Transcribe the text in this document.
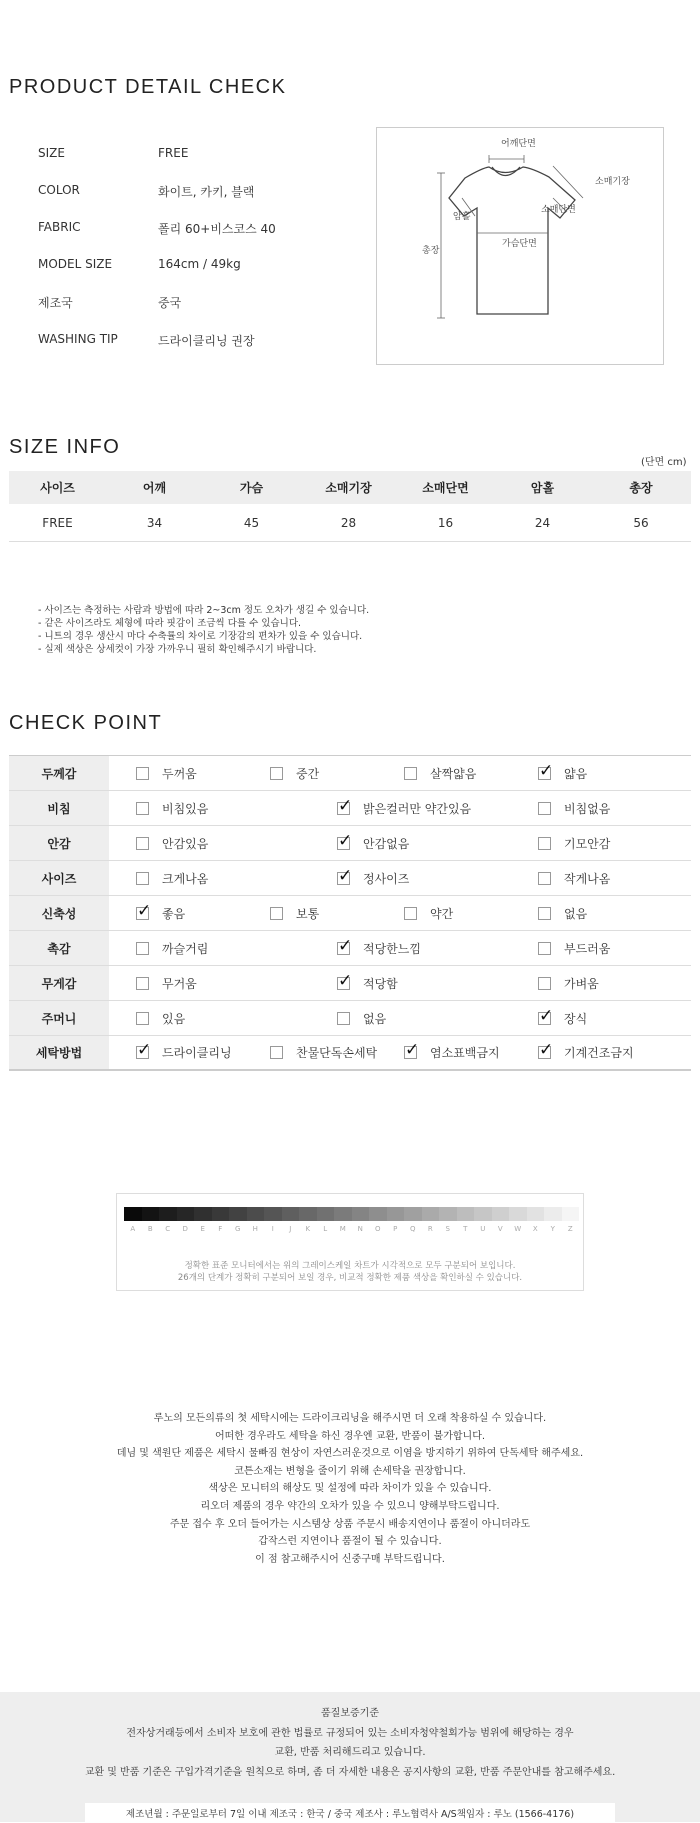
PRODUCT DETAIL CHECK
SIZE	FREE
COLOR	화이트, 카키, 블랙
FABRIC	폴리 60+비스코스 40
MODEL SIZE	164cm / 49kg
제조국	중국
WASHING TIP	드라이클리닝 권장
어깨단면
소매기장
암홀
소매단면
가슴단면
총장
SIZE INFO
(단면 cm)
사이즈	어깨	가슴	소매기장	소매단면	암홀	총장
FREE	34	45	28	16	24	56
- 사이즈는 측정하는 사람과 방법에 따라 2~3cm 정도 오차가 생길 수 있습니다.
- 같은 사이즈라도 체형에 따라 핏감이 조금씩 다를 수 있습니다.
- 니트의 경우 생산시 마다 수축률의 차이로 기장감의 편차가 있을 수 있습니다.
- 실제 색상은 상세컷이 가장 가까우니 필히 확인해주시기 바랍니다.
CHECK POINT
두께감	두꺼움	중간	살짝얇음 ✓	얇음
비침	비침있음 ✓	밝은컬러만 약간있음	비침없음
안감	안감있음 ✓	안감없음	기모안감
사이즈	크게나옴 ✓	정사이즈	작게나옴
신축성 ✓	좋음	보통	약간	없음
촉감	까슬거림 ✓	적당한느낌	부드러움
무게감	무거움 ✓	적당함	가벼움
주머니	있음	없음 ✓	장식
세탁방법 ✓	드라이클리닝	찬물단독손세탁 ✓	염소표백금지 ✓	기계건조금지
A	B	C	D	E	F	G	H	I	J	K	L	M	N	O	P	Q	R	S	T	U	V	W	X	Y	Z
정확한 표준 모니터에서는 위의 그레이스케일 차트가 시각적으로 모두 구분되어 보입니다.
26개의 단계가 정확히 구분되어 보일 경우, 비교적 정확한 제품 색상을 확인하실 수 있습니다.
루노의 모든의류의 첫 세탁시에는 드라이크리닝을 해주시면 더 오래 착용하실 수 있습니다.
어떠한 경우라도 세탁을 하신 경우엔 교환, 반품이 불가합니다.
데님 및 색원단 제품은 세탁시 물빠짐 현상이 자연스러운것으로 이염을 방지하기 위하여 단독세탁 해주세요.
코튼소재는 변형을 줄이기 위해 손세탁을 권장합니다.
색상은 모니터의 해상도 및 설정에 따라 차이가 있을 수 있습니다.
리오더 제품의 경우 약간의 오차가 있을 수 있으니 양해부탁드립니다.
주문 접수 후 오더 들어가는 시스템상 상품 주문시 배송지연이나 품절이 아니더라도
갑작스런 지연이나 품절이 될 수 있습니다.
이 점 참고해주시어 신중구매 부탁드립니다.
품질보증기준
전자상거래등에서 소비자 보호에 관한 법률로 규정되어 있는 소비자청약철회가능 범위에 해당하는 경우
교환, 반품 처리해드리고 있습니다.
교환 및 반품 기준은 구입가격기준을 원칙으로 하며, 좀 더 자세한 내용은 공지사항의 교환, 반품 주문안내를 참고해주세요.
제조년월 : 주문일로부터 7일 이내 제조국 : 한국 / 중국 제조사 : 루노협력사 A/S책임자 : 루노 (1566-4176)
